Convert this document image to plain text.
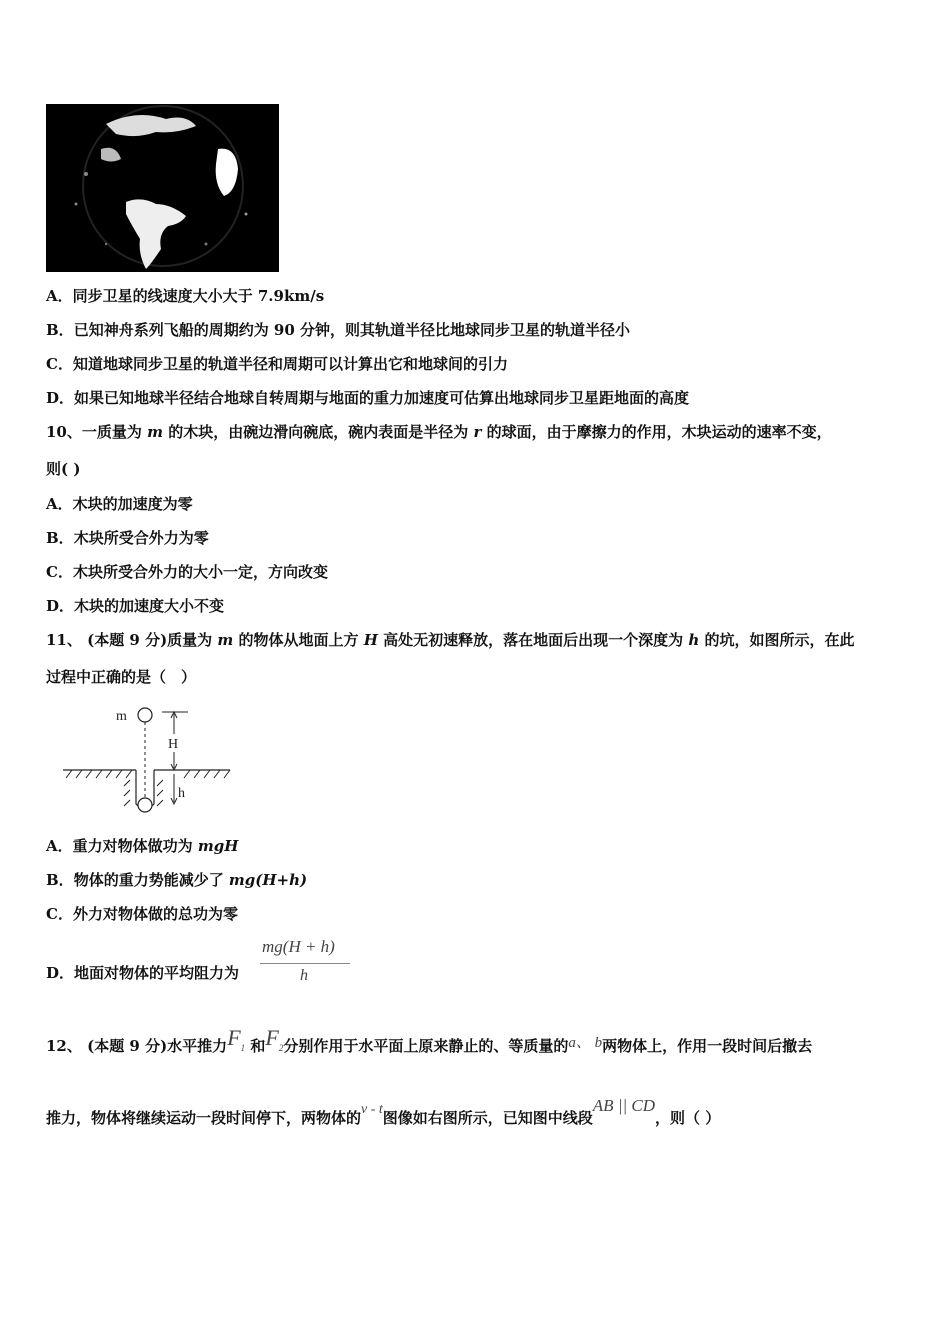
A．同步卫星的线速度大小大于 7.9km/s
B．已知神舟系列飞船的周期约为 90 分钟，则其轨道半径比地球同步卫星的轨道半径小
C．知道地球同步卫星的轨道半径和周期可以计算出它和地球间的引力
D．如果已知地球半径结合地球自转周期与地面的重力加速度可估算出地球同步卫星距地面的高度
10、一质量为 m 的木块，由碗边滑向碗底，碗内表面是半径为 r 的球面，由于摩擦力的作用，木块运动的速率不变，
则( )
A．木块的加速度为零
B．木块所受合外力为零
C．木块所受合外力的大小一定，方向改变
D．木块的加速度大小不变
11、 (本题 9 分)质量为 m 的物体从地面上方 H 高处无初速释放，落在地面后出现一个深度为 h 的坑，如图所示，在此
过程中正确的是（　）
m
H
h
A．重力对物体做功为 mgH
B．物体的重力势能减少了 mg(H+h)
C．外力对物体做的总功为零
D．地面对物体的平均阻力为
mg(H + h)
h
12、 (本题 9 分)水平推力F1 和F2分别作用于水平面上原来静止的、等质量的a、 b两物体上，作用一段时间后撤去
推力，物体将继续运动一段时间停下，两物体的v - t图像如右图所示，已知图中线段AB || CD，则（ ）
